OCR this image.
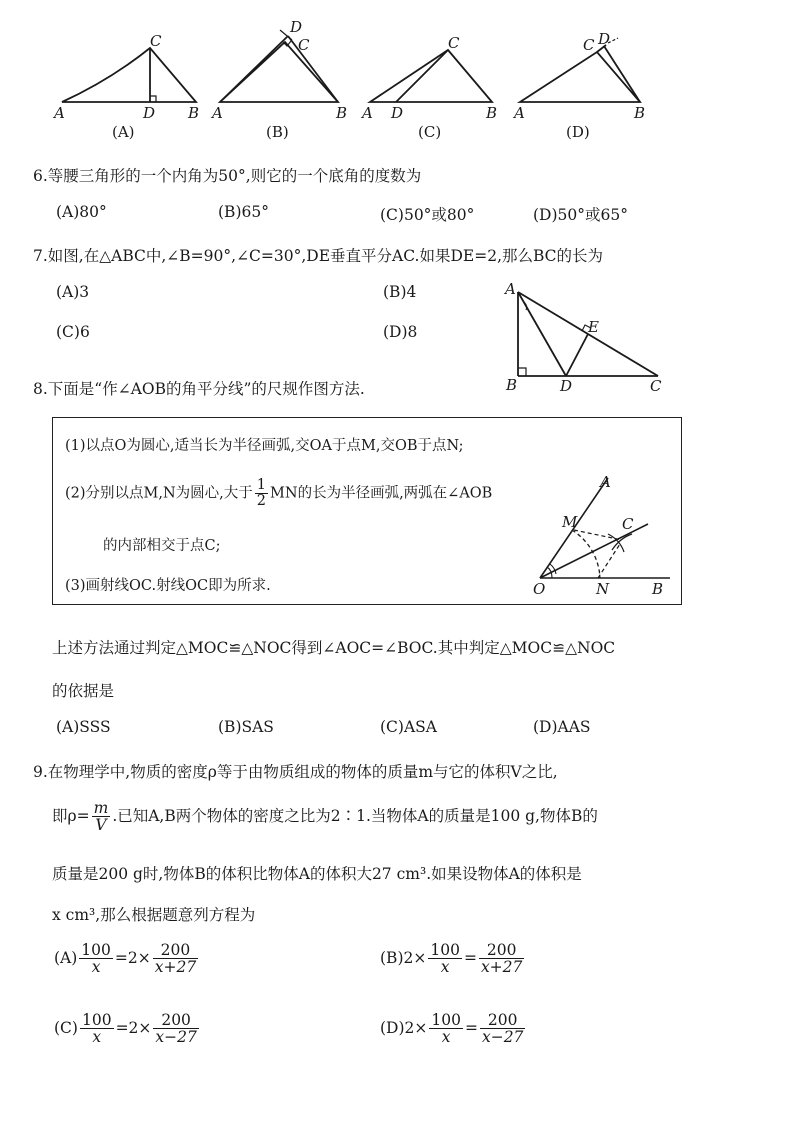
C
A	D B
(A)
D
C
A	B
(B)
C
A D	B
(C)
C D
A	B
(D)
6.等腰三角形的一个内角为50°,则它的一个底角的度数为
(A)80°	(B)65°	(C)50°或80°	(D)50°或65°
7.如图,在△ABC中,∠B=90°,∠C=30°,DE垂直平分AC.如果DE=2,那么BC的长为
(A)3	(B)4
(C)6	(D)8
A
E
B	D	C
8.下面是“作∠AOB的角平分线”的尺规作图方法.
(1)以点O为圆心,适当长为半径画弧,交OA于点M,交OB于点N;
(2)分别以点M,N为圆心,大于 $\frac{1}{2}$ MN的长为半径画弧,两弧在∠AOB
的内部相交于点C;
(3)画射线OC.射线OC即为所求.
A
M	C
O	N	B
上述方法通过判定△MOC≌△NOC得到∠AOC=∠BOC.其中判定△MOC≌△NOC
的依据是
(A)SSS	(B)SAS	(C)ASA	(D)AAS
9.在物理学中,物质的密度ρ等于由物质组成的物体的质量m与它的体积V之比,
即$\rho= \frac{m}{V}$ .已知A,B两个物体的密度之比为2∶1.当物体A的质量是100 g,物体B的
质量是200 g时,物体B的体积比物体A的体积大27 cm³.如果设物体A的体积是
x cm³,那么根据题意列方程为
$(A) \frac{100}{x} =2\times \frac{200}{x+27}$	$(B)2\times \frac{100}{x} = \frac{200}{x+27}$
$(C) \frac{100}{x} =2\times \frac{200}{x-27}$	$(D)2\times \frac{100}{x} = \frac{200}{x-27}$
